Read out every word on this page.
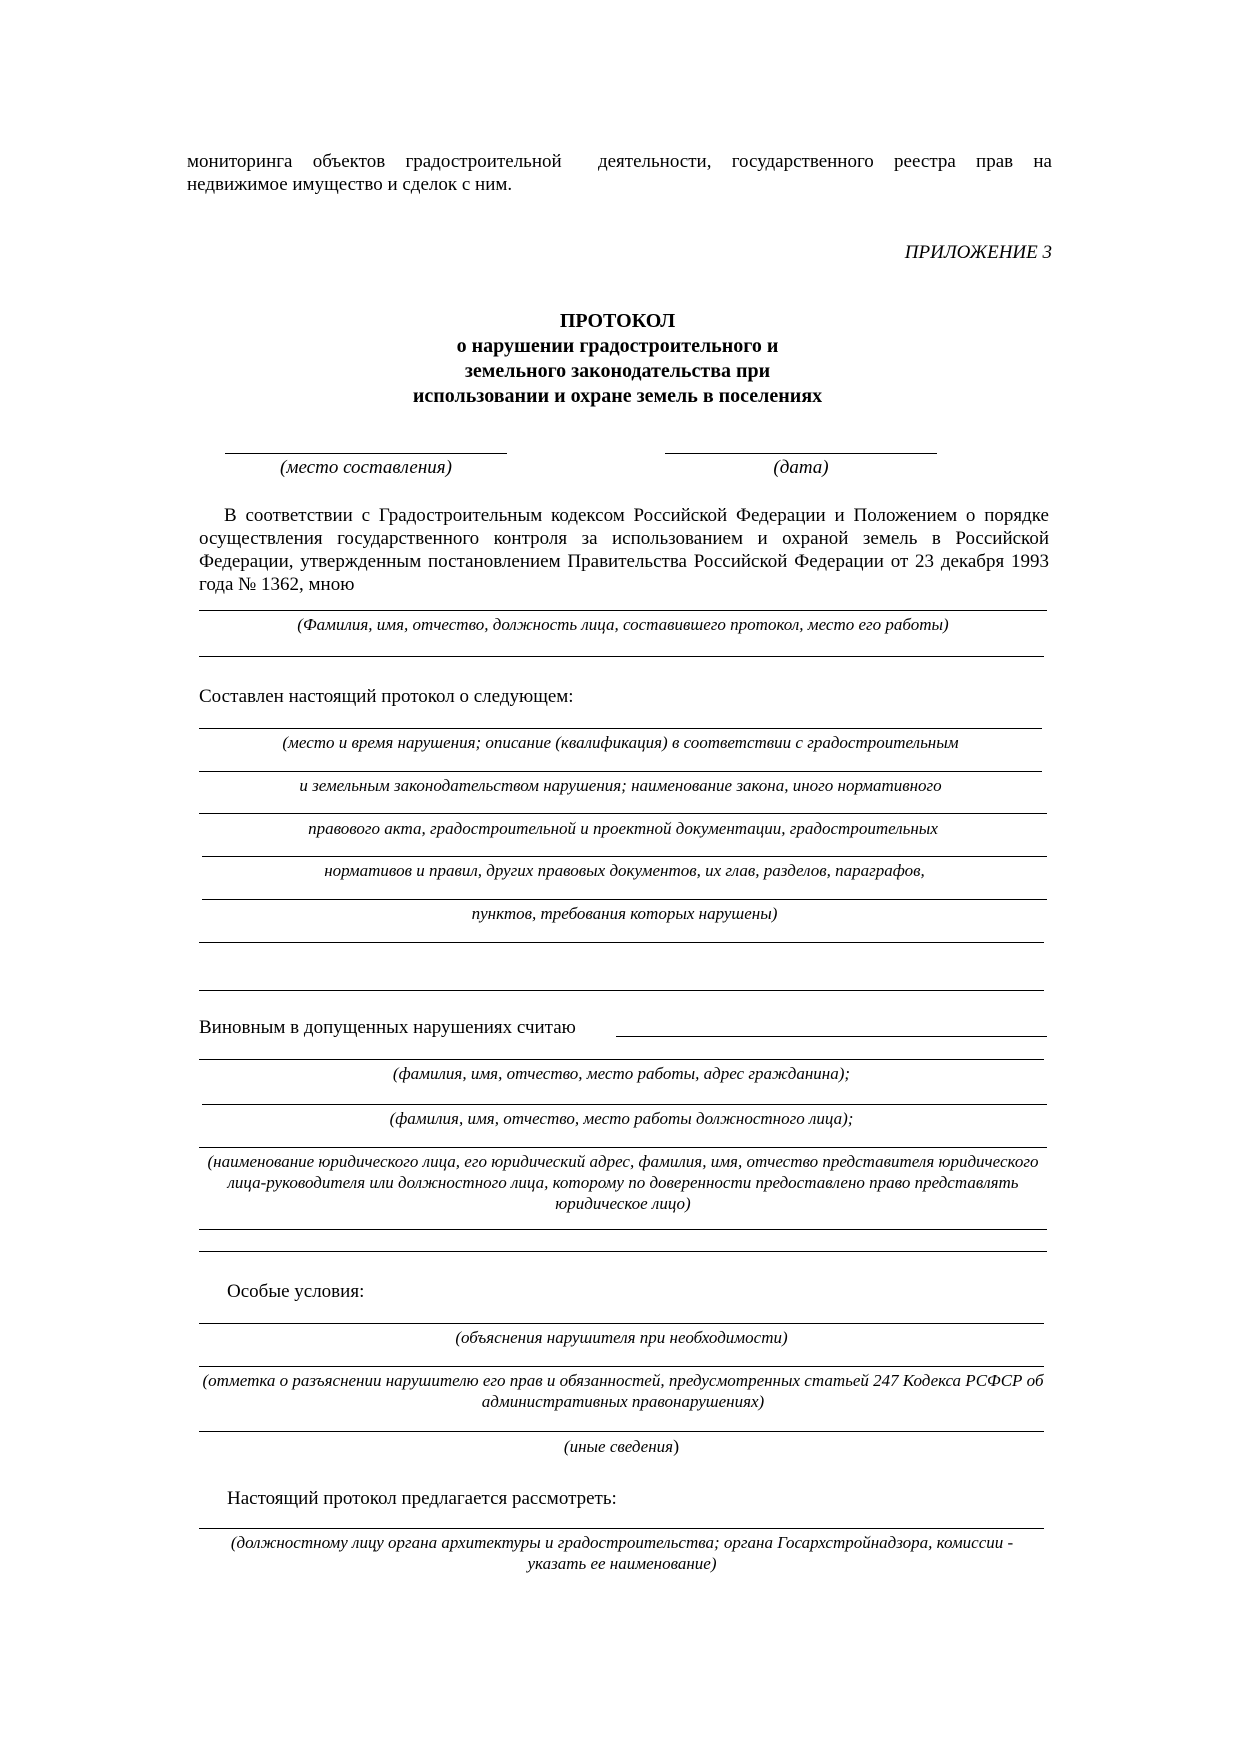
мониторинга объектов градостроительной деятельности, государственного реестра прав на
недвижимое имущество и сделок с ним.
ПРИЛОЖЕНИЕ 3
ПРОТОКОЛ
о нарушении градостроительного и
земельного законодательства при
использовании и охране земель в поселениях
(место составления)	(дата)
В соответствии с Градостроительным кодексом Российской Федерации и Положением о порядке осуществления государственного контроля за использованием и охраной земель в Российской Федерации, утвержденным постановлением Правительства Российской Федерации от 23 декабря 1993 года № 1362, мною
(Фамилия, имя, отчество, должность лица, составившего протокол, место его работы)
Составлен настоящий протокол о следующем:
(место и время нарушения; описание (квалификация) в соответствии с градостроительным
и земельным законодательством нарушения; наименование закона, иного нормативного
правового акта, градостроительной и проектной документации, градостроительных
нормативов и правил, других правовых документов, их глав, разделов, параграфов,
пунктов, требования которых нарушены)
Виновным в допущенных нарушениях считаю
(фамилия, имя, отчество, место работы, адрес гражданина);
(фамилия, имя, отчество, место работы должностного лица);
(наименование юридического лица, его юридический адрес, фамилия, имя, отчество представителя юридического лица-руководителя или должностного лица, которому по доверенности предоставлено право представлять юридическое лицо)
Особые условия:
(объяснения нарушителя при необходимости)
(отметка о разъяснении нарушителю его прав и обязанностей, предусмотренных статьей 247 Кодекса РСФСР об административных правонарушениях)
(иные сведения)
Настоящий протокол предлагается рассмотреть:
(должностному лицу органа архитектуры и градостроительства; органа Госархстройнадзора, комиссии - указать ее наименование)
